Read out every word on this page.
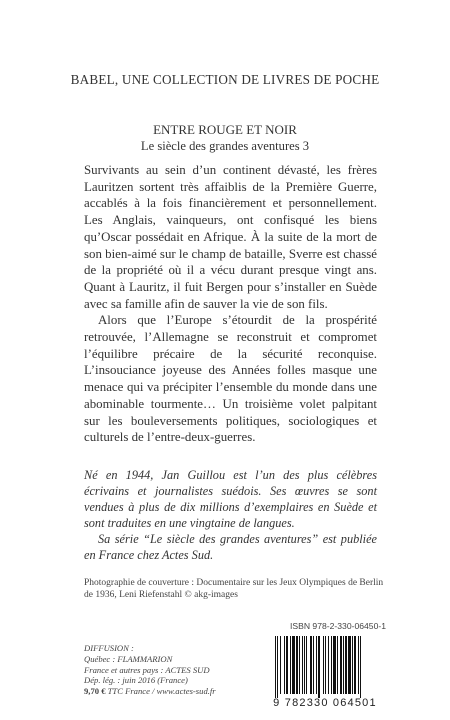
BABEL, UNE COLLECTION DE LIVRES DE POCHE
ENTRE ROUGE ET NOIR
Le siècle des grandes aventures 3

Survivants au sein d’un continent dévasté, les frères Lauritzen sortent très affaiblis de la Première Guerre, accablés à la fois financièrement et personnellement. Les Anglais, vainqueurs, ont confisqué les biens qu’Oscar possédait en Afrique. À la suite de la mort de son bien-aimé sur le champ de bataille, Sverre est chassé de la propriété où il a vécu durant presque vingt ans. Quant à Lauritz, il fuit Bergen pour s’installer en Suède avec sa famille afin de sauver la vie de son fils.

Alors que l’Europe s’étourdit de la prospérité retrouvée, l’Allemagne se reconstruit et compromet l’équilibre précaire de la sécurité reconquise. L’insouciance joyeuse des Années folles masque une menace qui va précipiter l’ensemble du monde dans une abominable tourmente… Un troisième volet palpitant sur les bouleversements politiques, sociologiques et culturels de l’entre-deux-guerres.

Né en 1944, Jan Guillou est l’un des plus célèbres écrivains et journalistes suédois. Ses œuvres se sont vendues à plus de dix millions d’exemplaires en Suède et sont traduites en une vingtaine de langues.

Sa série “Le siècle des grandes aventures” est publiée en France chez Actes Sud.

Photographie de couverture : Documentaire sur les Jeux Olympiques de Berlin de 1936, Leni Riefenstahl © akg-images
ISBN 978-2-330-06450-1
DIFFUSION :
Québec : FLAMMARION
France et autres pays : ACTES SUD
Dép. lég. : juin 2016 (France)
9,70 € TTC France / www.actes-sud.fr
9 782330 064501
